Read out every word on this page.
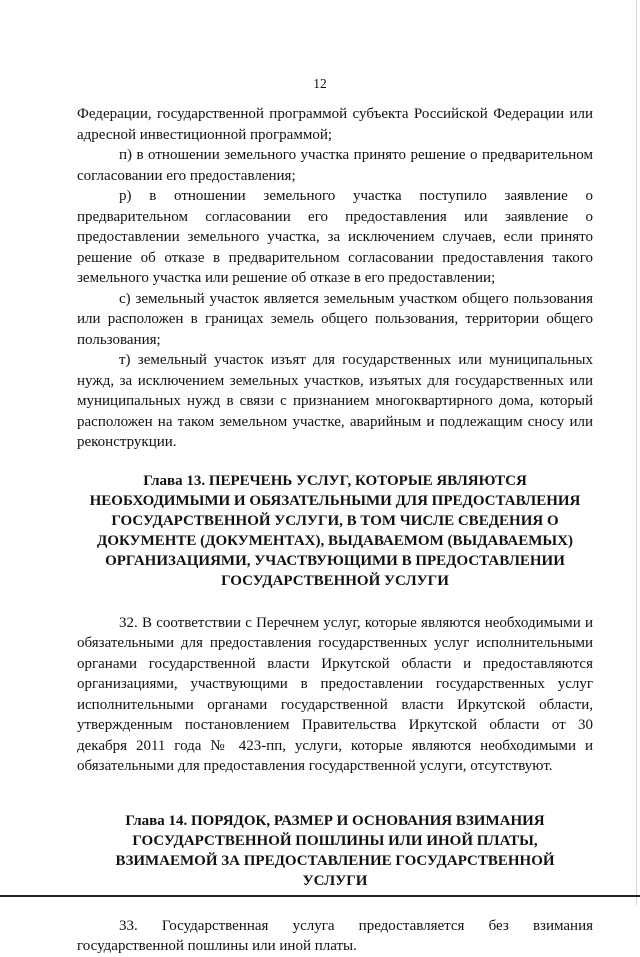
12

Федерации, государственной программой субъекта Российской Федерации или адресной инвестиционной программой;

п) в отношении земельного участка принято решение о предварительном согласовании его предоставления;

р) в отношении земельного участка поступило заявление о предварительном согласовании его предоставления или заявление о предоставлении земельного участка, за исключением случаев, если принято решение об отказе в предварительном согласовании предоставления такого земельного участка или решение об отказе в его предоставлении;

с) земельный участок является земельным участком общего пользования или расположен в границах земель общего пользования, территории общего пользования;

т) земельный участок изъят для государственных или муниципальных нужд, за исключением земельных участков, изъятых для государственных или муниципальных нужд в связи с признанием многоквартирного дома, который расположен на таком земельном участке, аварийным и подлежащим сносу или реконструкции.

Глава 13. ПЕРЕЧЕНЬ УСЛУГ, КОТОРЫЕ ЯВЛЯЮТСЯ НЕОБХОДИМЫМИ И ОБЯЗАТЕЛЬНЫМИ ДЛЯ ПРЕДОСТАВЛЕНИЯ ГОСУДАРСТВЕННОЙ УСЛУГИ, В ТОМ ЧИСЛЕ СВЕДЕНИЯ О ДОКУМЕНТЕ (ДОКУМЕНТАХ), ВЫДАВАЕМОМ (ВЫДАВАЕМЫХ) ОРГАНИЗАЦИЯМИ, УЧАСТВУЮЩИМИ В ПРЕДОСТАВЛЕНИИ ГОСУДАРСТВЕННОЙ УСЛУГИ

32. В соответствии с Перечнем услуг, которые являются необходимыми и обязательными для предоставления государственных услуг исполнительными органами государственной власти Иркутской области и предоставляются организациями, участвующими в предоставлении государственных услуг исполнительными органами государственной власти Иркутской области, утвержденным постановлением Правительства Иркутской области от 30 декабря 2011 года № 423-пп, услуги, которые являются необходимыми и обязательными для предоставления государственной услуги, отсутствуют.

Глава 14. ПОРЯДОК, РАЗМЕР И ОСНОВАНИЯ ВЗИМАНИЯ ГОСУДАРСТВЕННОЙ ПОШЛИНЫ ИЛИ ИНОЙ ПЛАТЫ, ВЗИМАЕМОЙ ЗА ПРЕДОСТАВЛЕНИЕ ГОСУДАРСТВЕННОЙ УСЛУГИ

33. Государственная услуга предоставляется без взимания государственной пошлины или иной платы.
